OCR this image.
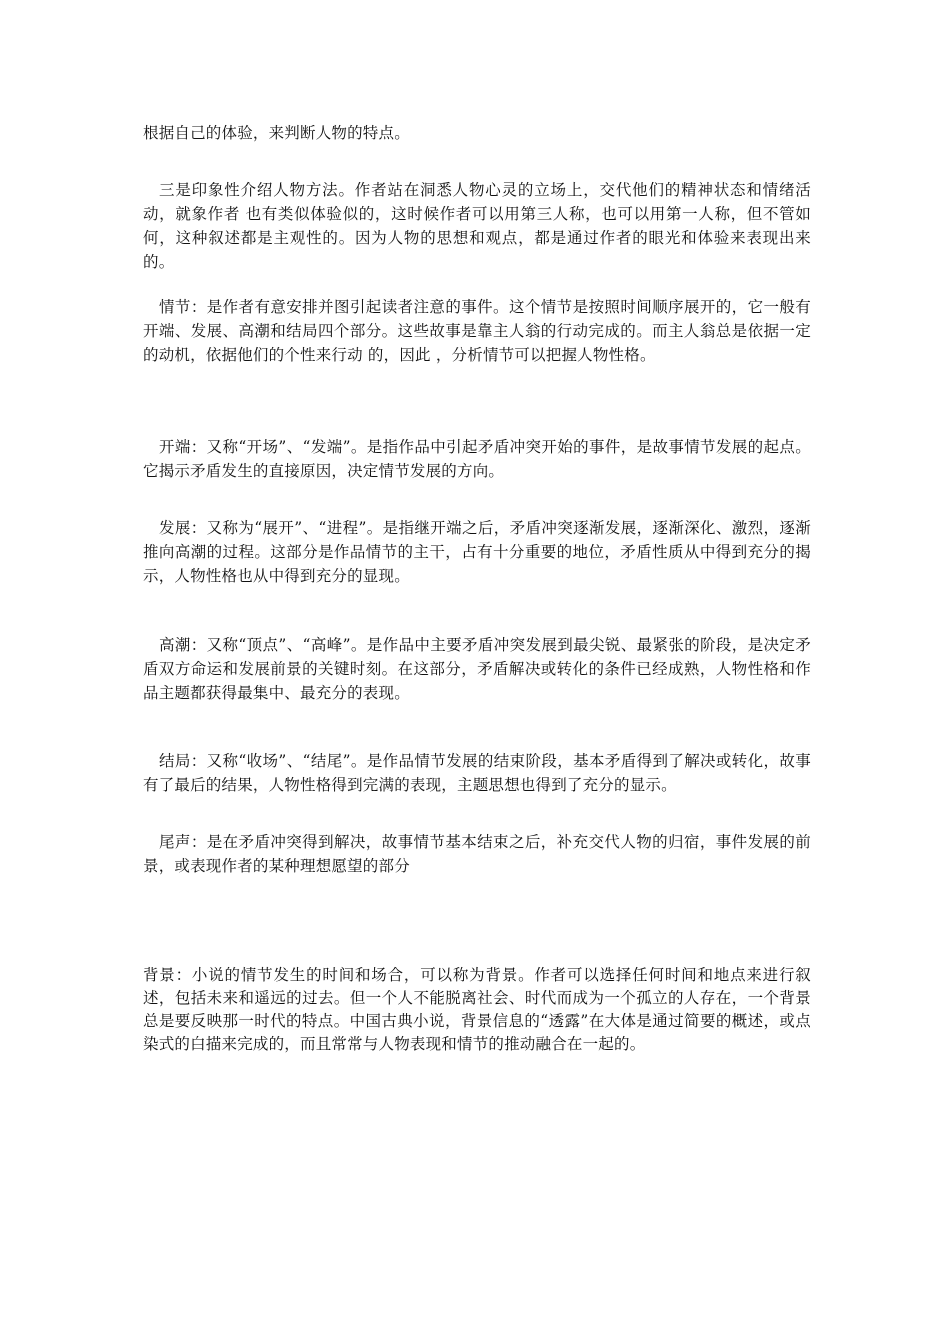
根据自己的体验，来判断人物的特点。

三是印象性介绍人物方法。作者站在洞悉人物心灵的立场上，交代他们的精神状态和情绪活动，就象作者 也有类似体验似的，这时候作者可以用第三人称，也可以用第一人称，但不管如何，这种叙述都是主观性的。因为人物的思想和观点，都是通过作者的眼光和体验来表现出来的。

情节：是作者有意安排并图引起读者注意的事件。这个情节是按照时间顺序展开的，它一般有开端、发展、高潮和结局四个部分。这些故事是靠主人翁的行动完成的。而主人翁总是依据一定的动机，依据他们的个性来行动 的，因此 ，分析情节可以把握人物性格。

开端：又称“开场”、“发端”。是指作品中引起矛盾冲突开始的事件，是故事情节发展的起点。它揭示矛盾发生的直接原因，决定情节发展的方向。

发展：又称为“展开”、“进程”。是指继开端之后，矛盾冲突逐渐发展，逐渐深化、激烈，逐渐推向高潮的过程。这部分是作品情节的主干，占有十分重要的地位，矛盾性质从中得到充分的揭示，人物性格也从中得到充分的显现。

高潮：又称“顶点”、“高峰”。是作品中主要矛盾冲突发展到最尖锐、最紧张的阶段，是决定矛盾双方命运和发展前景的关键时刻。在这部分，矛盾解决或转化的条件已经成熟，人物性格和作品主题都获得最集中、最充分的表现。

结局：又称“收场”、“结尾”。是作品情节发展的结束阶段，基本矛盾得到了解决或转化，故事有了最后的结果，人物性格得到完满的表现，主题思想也得到了充分的显示。

尾声：是在矛盾冲突得到解决，故事情节基本结束之后，补充交代人物的归宿，事件发展的前景，或表现作者的某种理想愿望的部分

背景：小说的情节发生的时间和场合，可以称为背景。作者可以选择任何时间和地点来进行叙述，包括未来和遥远的过去。但一个人不能脱离社会、时代而成为一个孤立的人存在，一个背景总是要反映那一时代的特点。中国古典小说，背景信息的“透露”在大体是通过简要的概述，或点染式的白描来完成的，而且常常与人物表现和情节的推动融合在一起的。
